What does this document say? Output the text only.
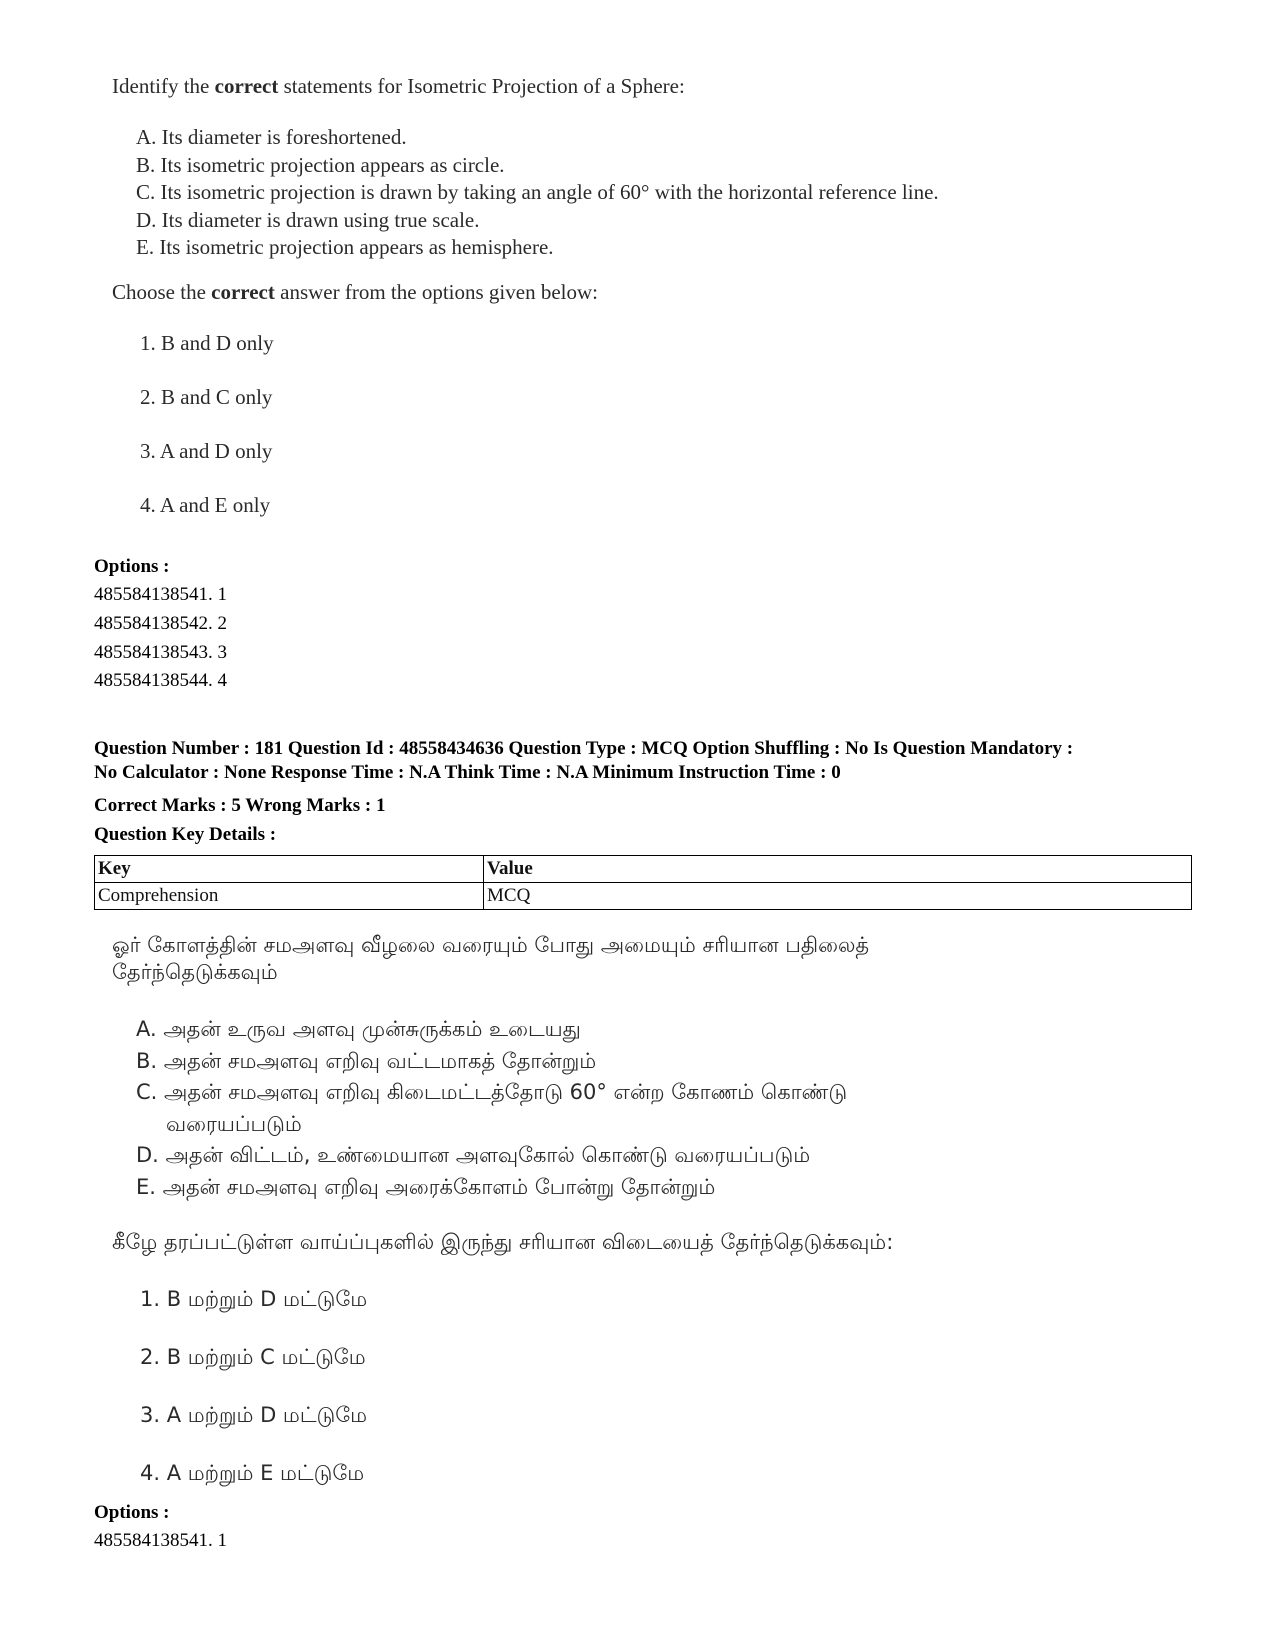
Identify the correct statements for Isometric Projection of a Sphere:
A. Its diameter is foreshortened.
B. Its isometric projection appears as circle.
C. Its isometric projection is drawn by taking an angle of 60° with the horizontal reference line.
D. Its diameter is drawn using true scale.
E. Its isometric projection appears as hemisphere.
Choose the correct answer from the options given below:
1. B and D only
2. B and C only
3. A and D only
4. A and E only
Options :
485584138541. 1
485584138542. 2
485584138543. 3
485584138544. 4
Question Number : 181 Question Id : 48558434636 Question Type : MCQ Option Shuffling : No Is Question Mandatory :
No Calculator : None Response Time : N.A Think Time : N.A Minimum Instruction Time : 0
Correct Marks : 5 Wrong Marks : 1
Question Key Details :
Key	Value
Comprehension	MCQ
ஓர் கோளத்தின் சமஅளவு வீழலை வரையும் போது அமையும் சரியான பதிலைத் தேர்ந்தெடுக்கவும்
A. அதன் உருவ அளவு முன்சுருக்கம் உடையது
B. அதன் சமஅளவு எறிவு வட்டமாகத் தோன்றும்
C. அதன் சமஅளவு எறிவு கிடைமட்டத்தோடு 60° என்ற கோணம் கொண்டு
வரையப்படும்
D. அதன் விட்டம், உண்மையான அளவுகோல் கொண்டு வரையப்படும்
E. அதன் சமஅளவு எறிவு அரைக்கோளம் போன்று தோன்றும்
கீழே தரப்பட்டுள்ள வாய்ப்புகளில் இருந்து சரியான விடையைத் தேர்ந்தெடுக்கவும்:
1. B மற்றும் D மட்டுமே
2. B மற்றும் C மட்டுமே
3. A மற்றும் D மட்டுமே
4. A மற்றும் E மட்டுமே
Options :
485584138541. 1
